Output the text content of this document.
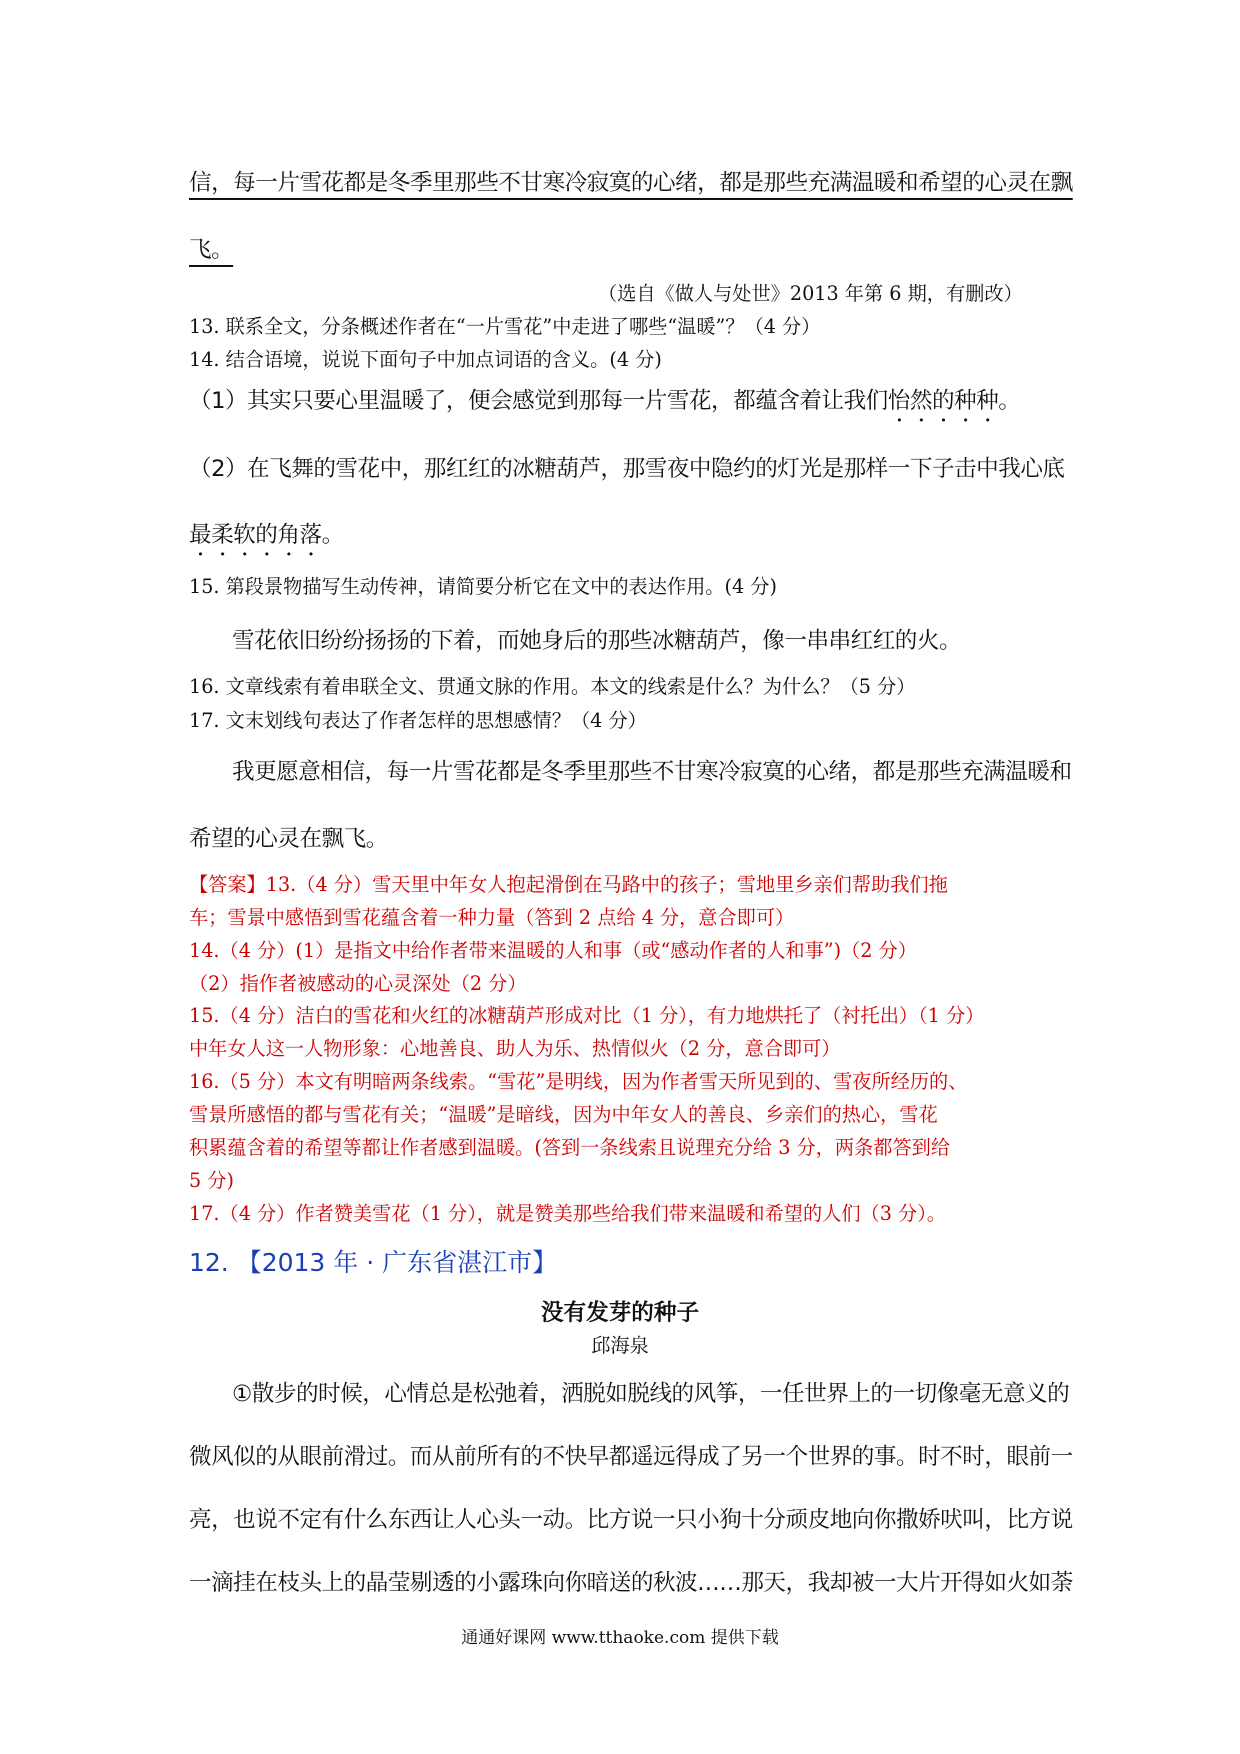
信，每一片雪花都是冬季里那些不甘寒冷寂寞的心绪，都是那些充满温暖和希望的心灵在飘
飞。
（选自《做人与处世》2013 年第 6 期，有删改）
13. 联系全文，分条概述作者在“一片雪花”中走进了哪些“温暖”？（4 分）
14. 结合语境，说说下面句子中加点词语的含义。(4 分)
（1）其实只要心里温暖了，便会感觉到那每一片雪花，都蕴含着让我们怡然的种种。
（2）在飞舞的雪花中，那红红的冰糖葫芦，那雪夜中隐约的灯光是那样一下子击中我心底
最柔软的角落。
15. 第段景物描写生动传神，请简要分析它在文中的表达作用。(4 分)
雪花依旧纷纷扬扬的下着，而她身后的那些冰糖葫芦，像一串串红红的火。
16. 文章线索有着串联全文、贯通文脉的作用。本文的线索是什么？为什么？（5 分）
17. 文末划线句表达了作者怎样的思想感情？（4 分）
我更愿意相信，每一片雪花都是冬季里那些不甘寒冷寂寞的心绪，都是那些充满温暖和
希望的心灵在飘飞。
【答案】13.（4 分）雪天里中年女人抱起滑倒在马路中的孩子；雪地里乡亲们帮助我们拖
车；雪景中感悟到雪花蕴含着一种力量（答到 2 点给 4 分，意合即可）
14.（4 分）(1）是指文中给作者带来温暖的人和事（或“感动作者的人和事”)（2 分）
（2）指作者被感动的心灵深处（2 分）
15.（4 分）洁白的雪花和火红的冰糖葫芦形成对比（1 分），有力地烘托了（衬托出）（1 分）
中年女人这一人物形象：心地善良、助人为乐、热情似火（2 分，意合即可）
16.（5 分）本文有明暗两条线索。“雪花”是明线，因为作者雪天所见到的、雪夜所经历的、
雪景所感悟的都与雪花有关；“温暖”是暗线，因为中年女人的善良、乡亲们的热心，雪花
积累蕴含着的希望等都让作者感到温暖。(答到一条线索且说理充分给 3 分，两条都答到给
5 分)
17.（4 分）作者赞美雪花（1 分），就是赞美那些给我们带来温暖和希望的人们（3 分）。
12. 【2013 年 · 广东省湛江市】
没有发芽的种子
邱海泉
①散步的时候，心情总是松弛着，洒脱如脱线的风筝，一任世界上的一切像毫无意义的
微风似的从眼前滑过。而从前所有的不快早都遥远得成了另一个世界的事。时不时，眼前一
亮，也说不定有什么东西让人心头一动。比方说一只小狗十分顽皮地向你撒娇吠叫，比方说
一滴挂在枝头上的晶莹剔透的小露珠向你暗送的秋波……那天，我却被一大片开得如火如荼
通通好课网 www.tthaoke.com 提供下载
